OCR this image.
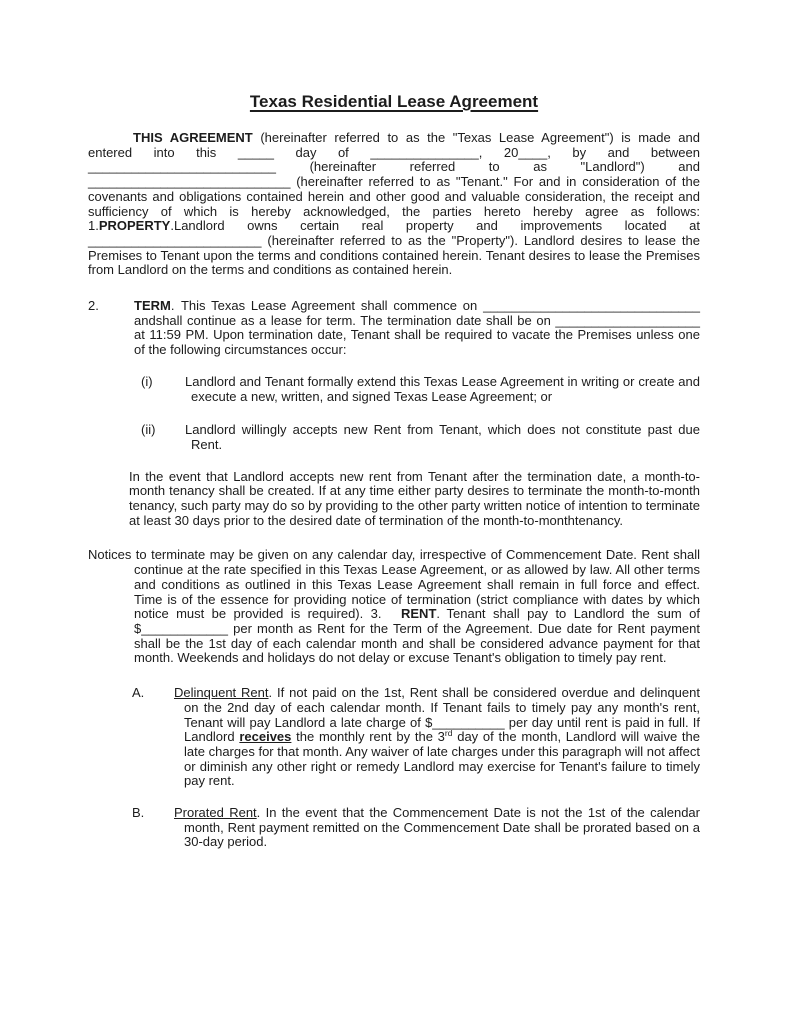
Texas Residential Lease Agreement

THIS AGREEMENT (hereinafter referred to as the "Texas Lease Agreement") is made and entered into this _____ day of _______________, 20____, by and between __________________________ (hereinafter referred to as "Landlord") and ____________________________ (hereinafter referred to as "Tenant." For and in consideration of the covenants and obligations contained herein and other good and valuable consideration, the receipt and sufficiency of which is hereby acknowledged, the parties hereto hereby agree as follows: 1.PROPERTY.Landlord owns certain real property and improvements located at ________________________ (hereinafter referred to as the "Property"). Landlord desires to lease the Premises to Tenant upon the terms and conditions contained herein. Tenant desires to lease the Premises from Landlord on the terms and conditions as contained herein.

2.	TERM. This Texas Lease Agreement shall commence on ______________________________ andshall continue as a lease for term. The termination date shall be on ____________________ at 11:59 PM. Upon termination date, Tenant shall be required to vacate the Premises unless one of the following circumstances occur:
(i) Landlord and Tenant formally extend this Texas Lease Agreement in writing or create and execute a new, written, and signed Texas Lease Agreement; or
(ii) Landlord willingly accepts new Rent from Tenant, which does not constitute past due Rent.

In the event that Landlord accepts new rent from Tenant after the termination date, a month-to-month tenancy shall be created. If at any time either party desires to terminate the month-to-month tenancy, such party may do so by providing to the other party written notice of intention to terminate at least 30 days prior to the desired date of termination of the month-to-monthtenancy.

Notices to terminate may be given on any calendar day, irrespective of Commencement Date. Rent shall continue at the rate specified in this Texas Lease Agreement, or as allowed by law. All other terms and conditions as outlined in this Texas Lease Agreement shall remain in full force and effect. Time is of the essence for providing notice of termination (strict compliance with dates by which notice must be provided is required). 3.  RENT. Tenant shall pay to Landlord the sum of $____________ per month as Rent for the Term of the Agreement. Due date for Rent payment shall be the 1st day of each calendar month and shall be considered advance payment for that month. Weekends and holidays do not delay or excuse Tenant's obligation to timely pay rent.

A. Delinquent Rent. If not paid on the 1st, Rent shall be considered overdue and delinquent on the 2nd day of each calendar month. If Tenant fails to timely pay any month's rent, Tenant will pay Landlord a late charge of $__________ per day until rent is paid in full. If Landlord receives the monthly rent by the 3rd day of the month, Landlord will waive the late charges for that month. Any waiver of late charges under this paragraph will not affect or diminish any other right or remedy Landlord may exercise for Tenant's failure to timely pay rent.
B. Prorated Rent. In the event that the Commencement Date is not the 1st of the calendar month, Rent payment remitted on the Commencement Date shall be prorated based on a 30-day period.
